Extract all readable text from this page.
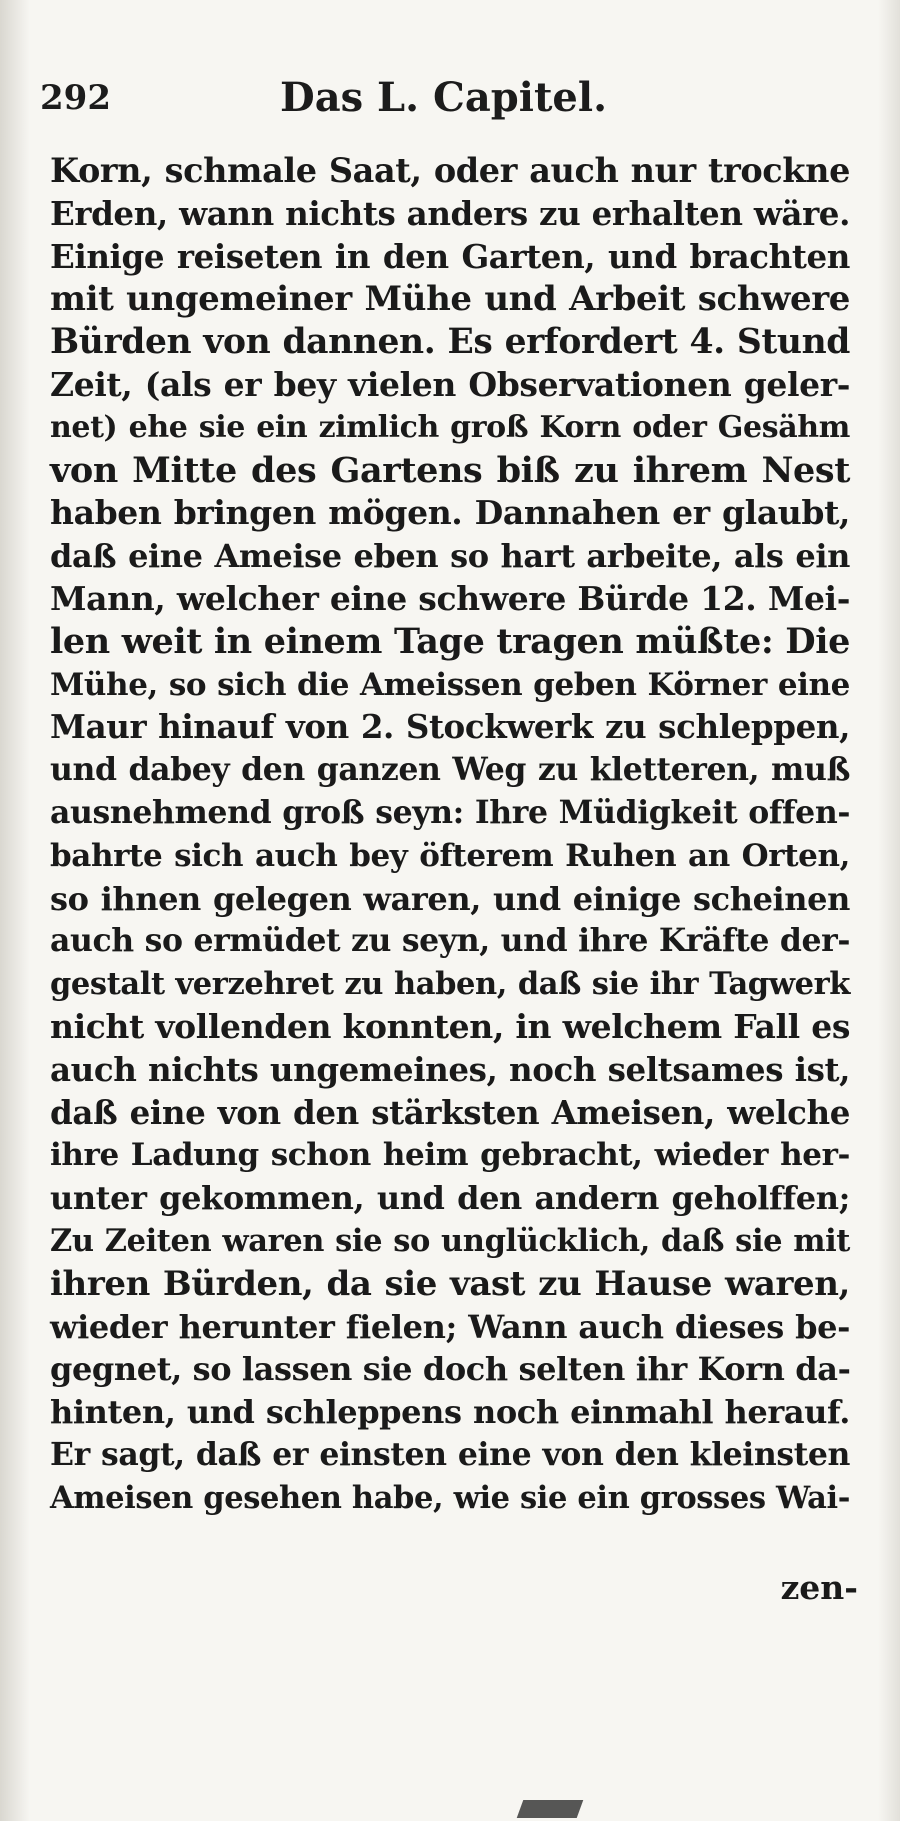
292	Das L. Capitel.
Korn, schmale Saat, oder auch nur trockne
Erden, wann nichts anders zu erhalten wäre.
Einige reiseten in den Garten, und brachten
mit ungemeiner Mühe und Arbeit schwere
Bürden von dannen. Es erfordert 4. Stund
Zeit, (als er bey vielen Observationen geler-
net) ehe sie ein zimlich groß Korn oder Gesähm
von Mitte des Gartens biß zu ihrem Nest
haben bringen mögen. Dannahen er glaubt,
daß eine Ameise eben so hart arbeite, als ein
Mann, welcher eine schwere Bürde 12. Mei-
len weit in einem Tage tragen müßte: Die
Mühe, so sich die Ameissen geben Körner eine
Maur hinauf von 2. Stockwerk zu schleppen,
und dabey den ganzen Weg zu kletteren, muß
ausnehmend groß seyn: Ihre Müdigkeit offen-
bahrte sich auch bey öfterem Ruhen an Orten,
so ihnen gelegen waren, und einige scheinen
auch so ermüdet zu seyn, und ihre Kräfte der-
gestalt verzehret zu haben, daß sie ihr Tagwerk
nicht vollenden konnten, in welchem Fall es
auch nichts ungemeines, noch seltsames ist,
daß eine von den stärksten Ameisen, welche
ihre Ladung schon heim gebracht, wieder her-
unter gekommen, und den andern geholffen;
Zu Zeiten waren sie so unglücklich, daß sie mit
ihren Bürden, da sie vast zu Hause waren,
wieder herunter fielen; Wann auch dieses be-
gegnet, so lassen sie doch selten ihr Korn da-
hinten, und schleppens noch einmahl herauf.
Er sagt, daß er einsten eine von den kleinsten
Ameisen gesehen habe, wie sie ein grosses Wai-
zen-
